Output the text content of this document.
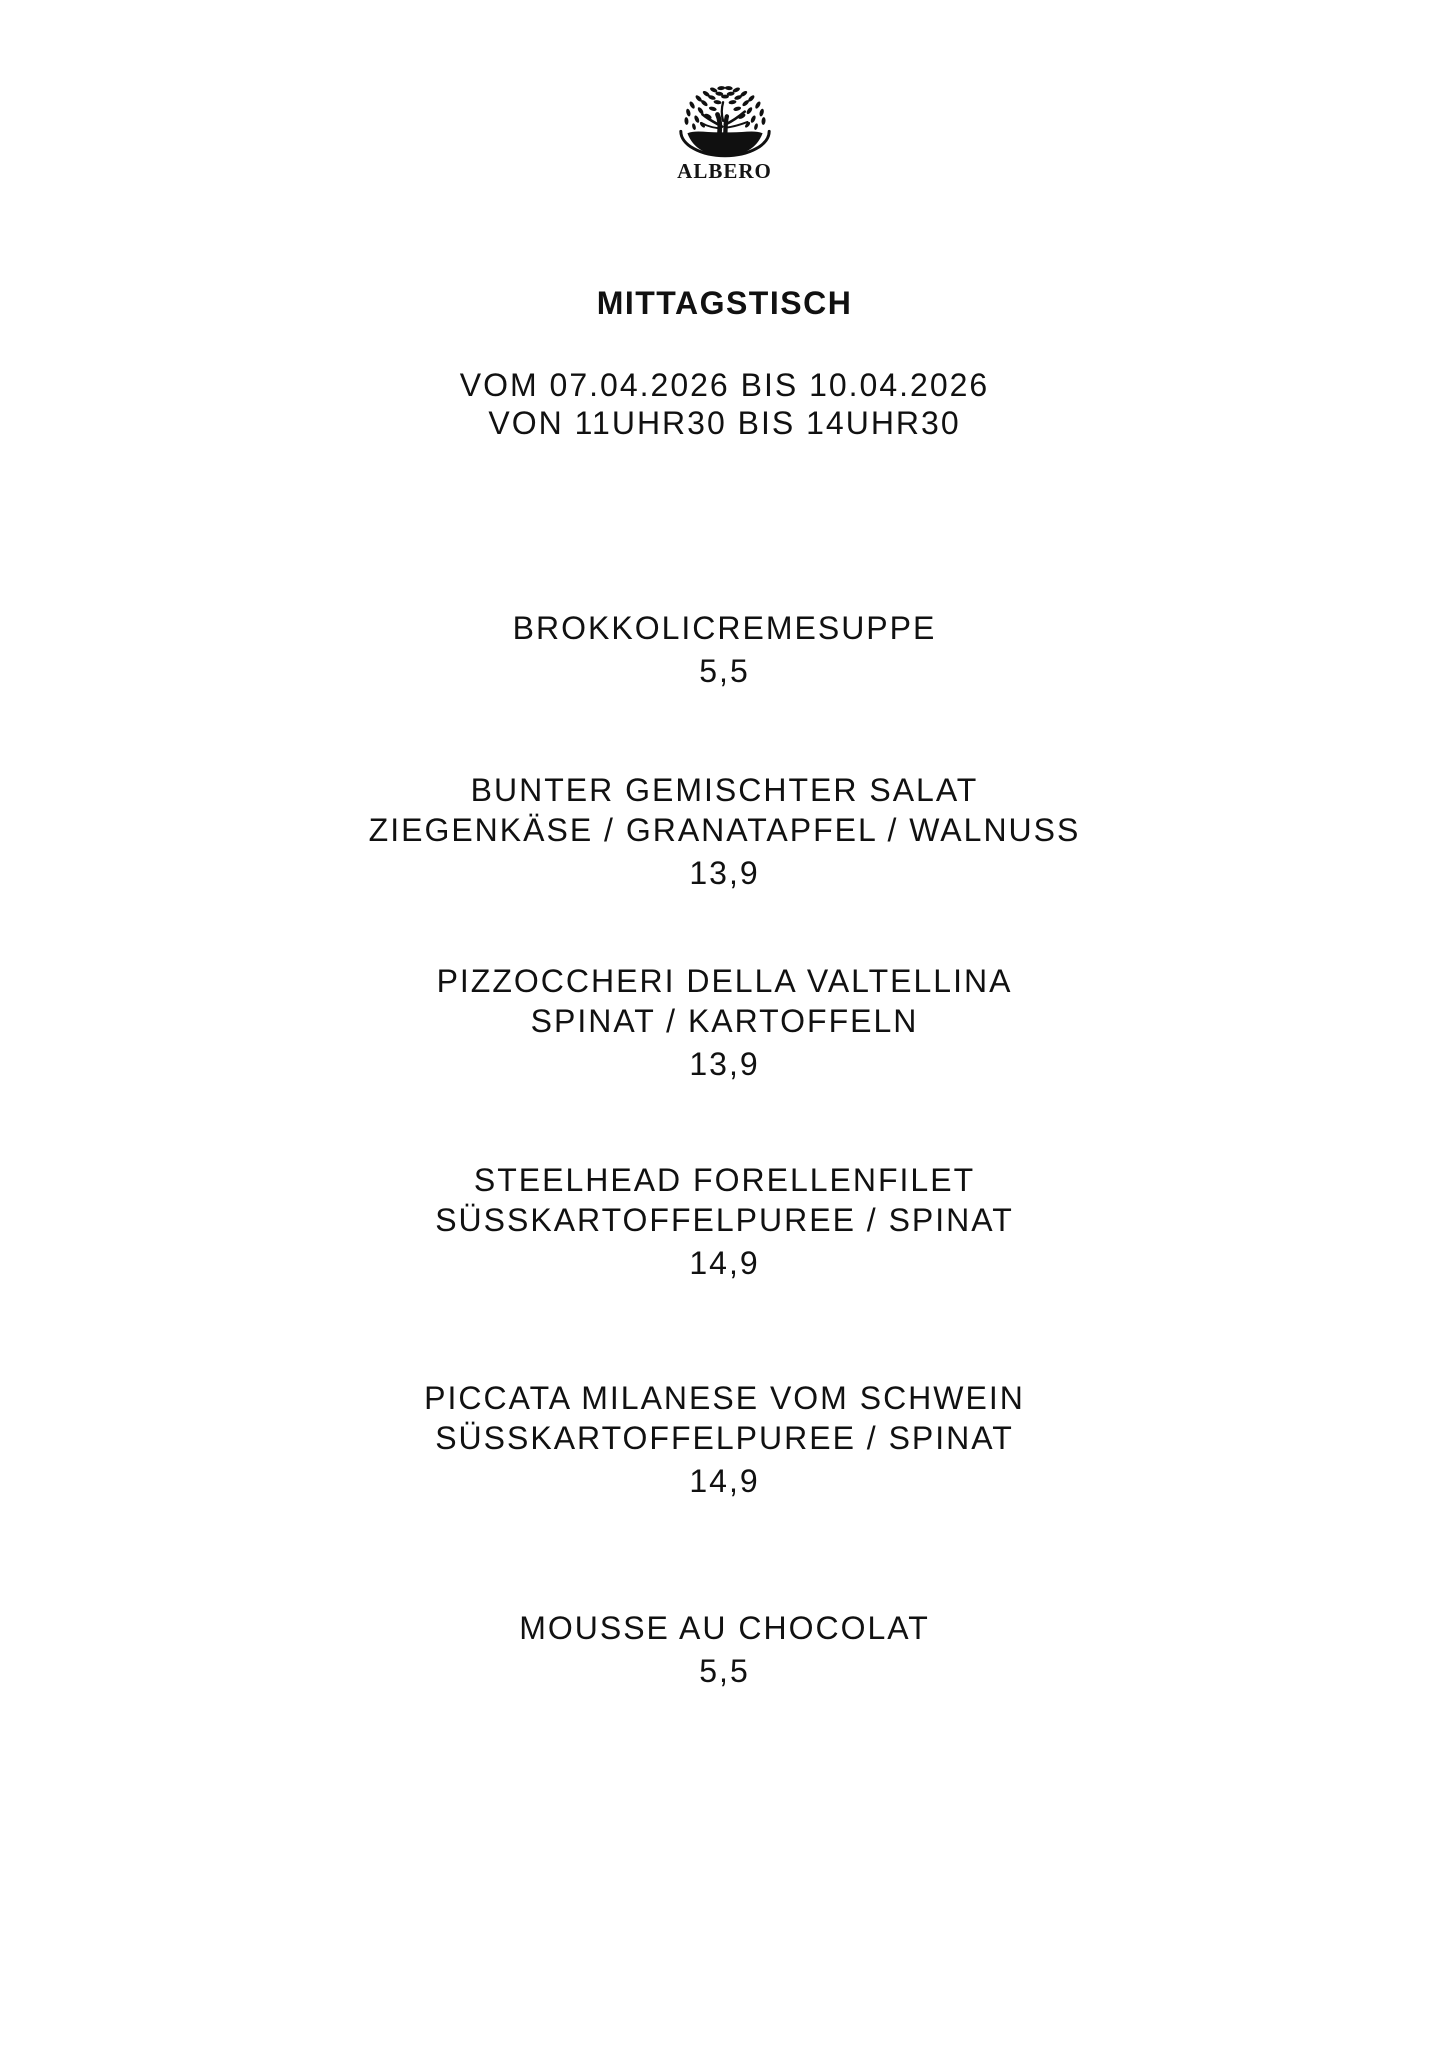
ALBERO
MITTAGSTISCH
VOM 07.04.2026 BIS 10.04.2026
VON 11UHR30 BIS 14UHR30
BROKKOLICREMESUPPE
5,5
BUNTER GEMISCHTER SALAT
ZIEGENKÄSE / GRANATAPFEL / WALNUSS
13,9
PIZZOCCHERI DELLA VALTELLINA
SPINAT / KARTOFFELN
13,9
STEELHEAD FORELLENFILET
SÜSSKARTOFFELPUREE / SPINAT
14,9
PICCATA MILANESE VOM SCHWEIN
SÜSSKARTOFFELPUREE / SPINAT
14,9
MOUSSE AU CHOCOLAT
5,5
